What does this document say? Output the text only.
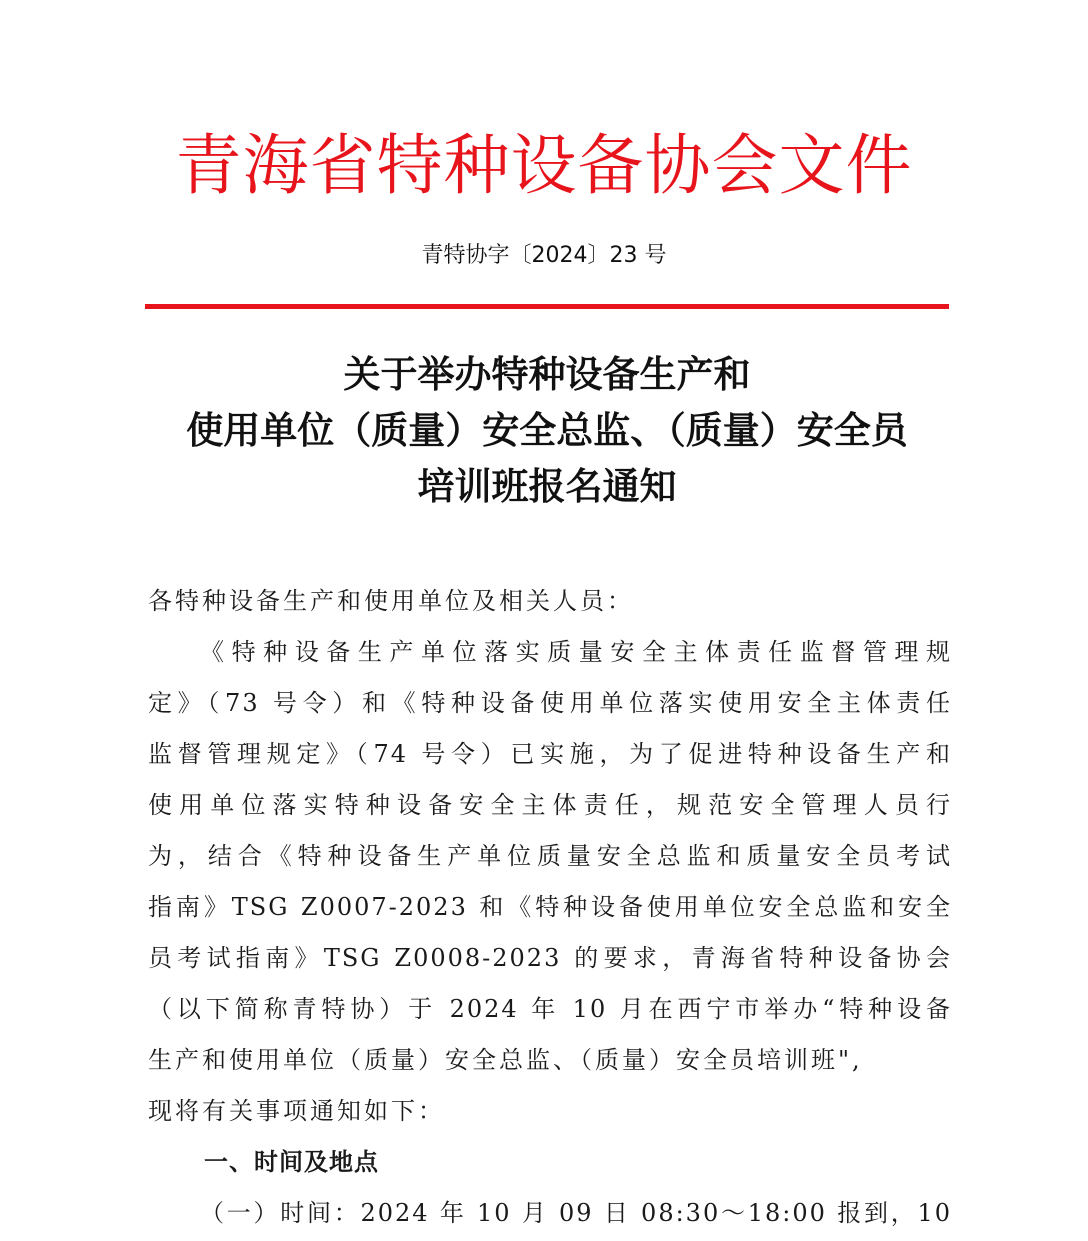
青海省特种设备协会文件
青特协字〔2024〕23 号
关于举办特种设备生产和
使用单位（质量）安全总监、（质量）安全员
培训班报名通知
各特种设备生产和使用单位及相关人员：
《特种设备生产单位落实质量安全主体责任监督管理规
定》（73 号令）和《特种设备使用单位落实使用安全主体责任
监督管理规定》（74 号令）已实施，为了促进特种设备生产和
使用单位落实特种设备安全主体责任，规范安全管理人员行
为，结合《特种设备生产单位质量安全总监和质量安全员考试
指南》TSG Z0007-2023 和《特种设备使用单位安全总监和安全
员考试指南》TSG Z0008-2023 的要求，青海省特种设备协会
（以下简称青特协）于 2024 年 10 月在西宁市举办“特种设备
生产和使用单位（质量）安全总监、（质量）安全员培训班",
现将有关事项通知如下：
一、时间及地点
（一）时间：2024 年 10 月 09 日 08:30～18:00 报到，10
